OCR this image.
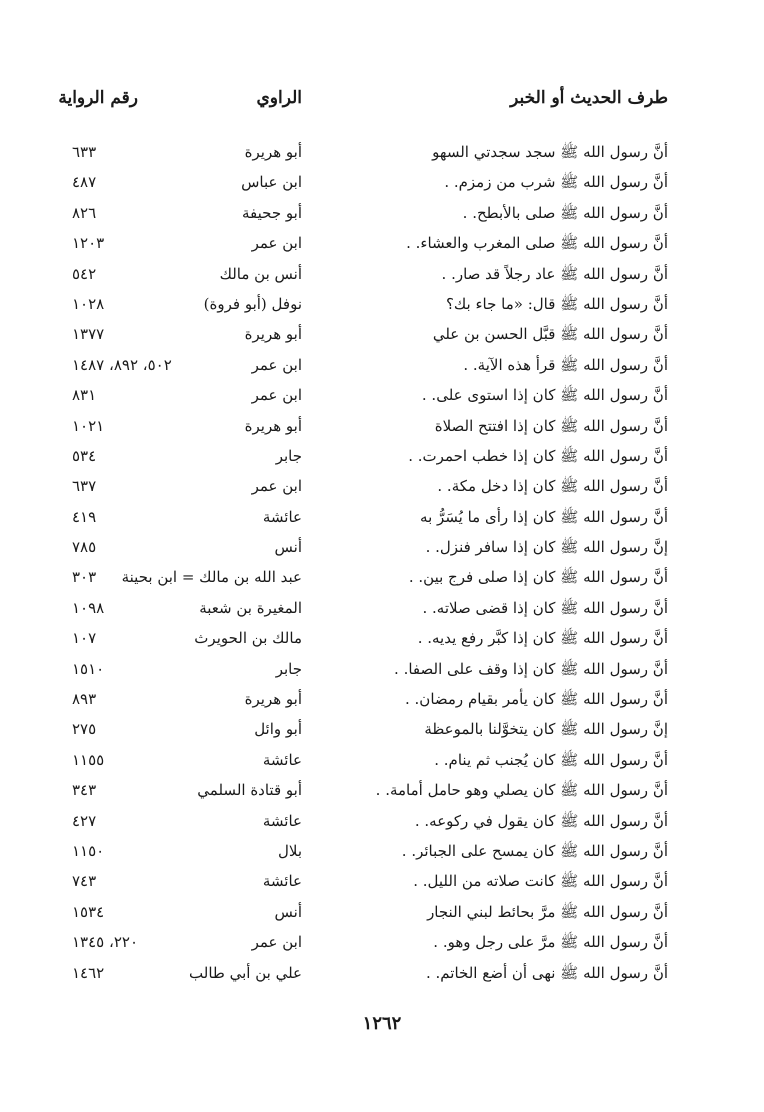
طرف الحديث أو الخبر
الراوي
رقم الرواية
أنَّ رسول الله ﷺ سجد سجدتي السهو
أبو هريرة
٦٣٣
أنَّ رسول الله ﷺ شرب من زمزم. .
ابن عباس
٤٨٧
أنَّ رسول الله ﷺ صلى بالأبطح. .
أبو جحيفة
٨٢٦
أنَّ رسول الله ﷺ صلى المغرب والعشاء. .
ابن عمر
١٢٠٣
أنَّ رسول الله ﷺ عاد رجلاً قد صار. .
أنس بن مالك
٥٤٢
أنَّ رسول الله ﷺ قال: «ما جاء بك؟
نوفل (أبو فروة)
١٠٢٨
أنَّ رسول الله ﷺ قبَّل الحسن بن علي
أبو هريرة
١٣٧٧
أنَّ رسول الله ﷺ قرأ هذه الآية. .
ابن عمر
٥٠٢، ٨٩٢، ١٤٨٧
أنَّ رسول الله ﷺ كان إذا استوى على. .
ابن عمر
٨٣١
أنَّ رسول الله ﷺ كان إذا افتتح الصلاة
أبو هريرة
١٠٢١
أنَّ رسول الله ﷺ كان إذا خطب احمرت. .
جابر
٥٣٤
أنَّ رسول الله ﷺ كان إذا دخل مكة. .
ابن عمر
٦٣٧
أنَّ رسول الله ﷺ كان إذا رأى ما يُسَرُّ به
عائشة
٤١٩
إنَّ رسول الله ﷺ كان إذا سافر فنزل. .
أنس
٧٨٥
أنَّ رسول الله ﷺ كان إذا صلى فرج بين. .
عبد الله بن مالك = ابن بحينة
٣٠٣
أنَّ رسول الله ﷺ كان إذا قضى صلاته. .
المغيرة بن شعبة
١٠٩٨
أنَّ رسول الله ﷺ كان إذا كبَّر رفع يديه. .
مالك بن الحويرث
١٠٧
أنَّ رسول الله ﷺ كان إذا وقف على الصفا. .
جابر
١٥١٠
أنَّ رسول الله ﷺ كان يأمر بقيام رمضان. .
أبو هريرة
٨٩٣
إنَّ رسول الله ﷺ كان يتخوَّلنا بالموعظة
أبو وائل
٢٧٥
أنَّ رسول الله ﷺ كان يُجنب ثم ينام. .
عائشة
١١٥٥
أنَّ رسول الله ﷺ كان يصلي وهو حامل أمامة. .
أبو قتادة السلمي
٣٤٣
أنَّ رسول الله ﷺ كان يقول في ركوعه. .
عائشة
٤٢٧
أنَّ رسول الله ﷺ كان يمسح على الجبائر. .
بلال
١١٥٠
أنَّ رسول الله ﷺ كانت صلاته من الليل. .
عائشة
٧٤٣
أنَّ رسول الله ﷺ مرَّ بحائط لبني النجار
أنس
١٥٣٤
أنَّ رسول الله ﷺ مرَّ على رجل وهو. .
ابن عمر
٢٢٠، ١٣٤٥
أنَّ رسول الله ﷺ نهى أن أضع الخاتم. .
علي بن أبي طالب
١٤٦٢
١٢٦٢
